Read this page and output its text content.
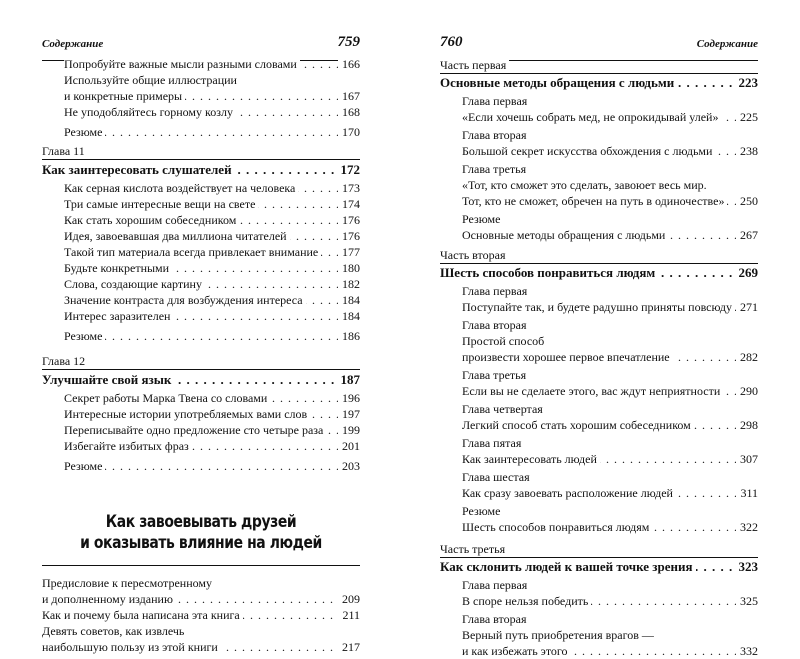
Содержание	759
. . . Попробуйте важные мысли разными словами	166
Используйте общие иллюстрации
. . . и конкретные примеры	167
. . . Не уподобляйтесь горному козлу	168
. . . Резюме	170
Глава 11
. . . Как заинтересовать слушателей	172
. . . Как серная кислота воздействует на человека	173
. . . Три самые интересные вещи на свете	174
. . . Как стать хорошим собеседником	176
. . . Идея, завоевавшая два миллиона читателей	176
. . . Такой тип материала всегда привлекает внимание	177
. . . Будьте конкретными	180
. . . Слова, создающие картину	182
. . . Значение контраста для возбуждения интереса	184
. . . Интерес заразителен	184
. . . Резюме	186
Глава 12
. . . Улучшайте свой язык	187
. . . Секрет работы Марка Твена со словами	196
. . . Интересные истории употребляемых вами слов	197
. . . Переписывайте одно предложение сто четыре раза	199
. . . Избегайте избитых фраз	201
. . . Резюме	203
Как завоевывать друзей
и оказывать влияние на людей
Предисловие к пересмотренному
. . . и дополненному изданию	209
. . . Как и почему была написана эта книга	211
Девять советов, как извлечь
. . . наибольшую пользу из этой книги	217
760	Содержание
Часть первая
. . . Основные методы обращения с людьми	223
Глава первая
. . . «Если хочешь собрать мед, не опрокидывай улей»	225
Глава вторая
. . . Большой секрет искусства обхождения с людьми	238
Глава третья
«Тот, кто сможет это сделать, завоюет весь мир.
. . . Тот, кто не сможет, обречен на путь в одиночестве»	250
Резюме
. . . Основные методы обращения с людьми	267
Часть вторая
. . . Шесть способов понравиться людям	269
Глава первая
. . . Поступайте так, и будете радушно приняты повсюду 271
Глава вторая
Простой способ
. . . произвести хорошее первое впечатление	282
Глава третья
. . . Если вы не сделаете этого, вас ждут неприятности	290
Глава четвертая
. . . Легкий способ стать хорошим собеседником	298
Глава пятая
. . . Как заинтересовать людей	307
Глава шестая
. . . Как сразу завоевать расположение людей	311
Резюме
. . . Шесть способов понравиться людям	322
Часть третья
. . . Как склонить людей к вашей точке зрения	323
Глава первая
. . . В споре нельзя победить	325
Глава вторая
Верный путь приобретения врагов —
. . . и как избежать этого	332
